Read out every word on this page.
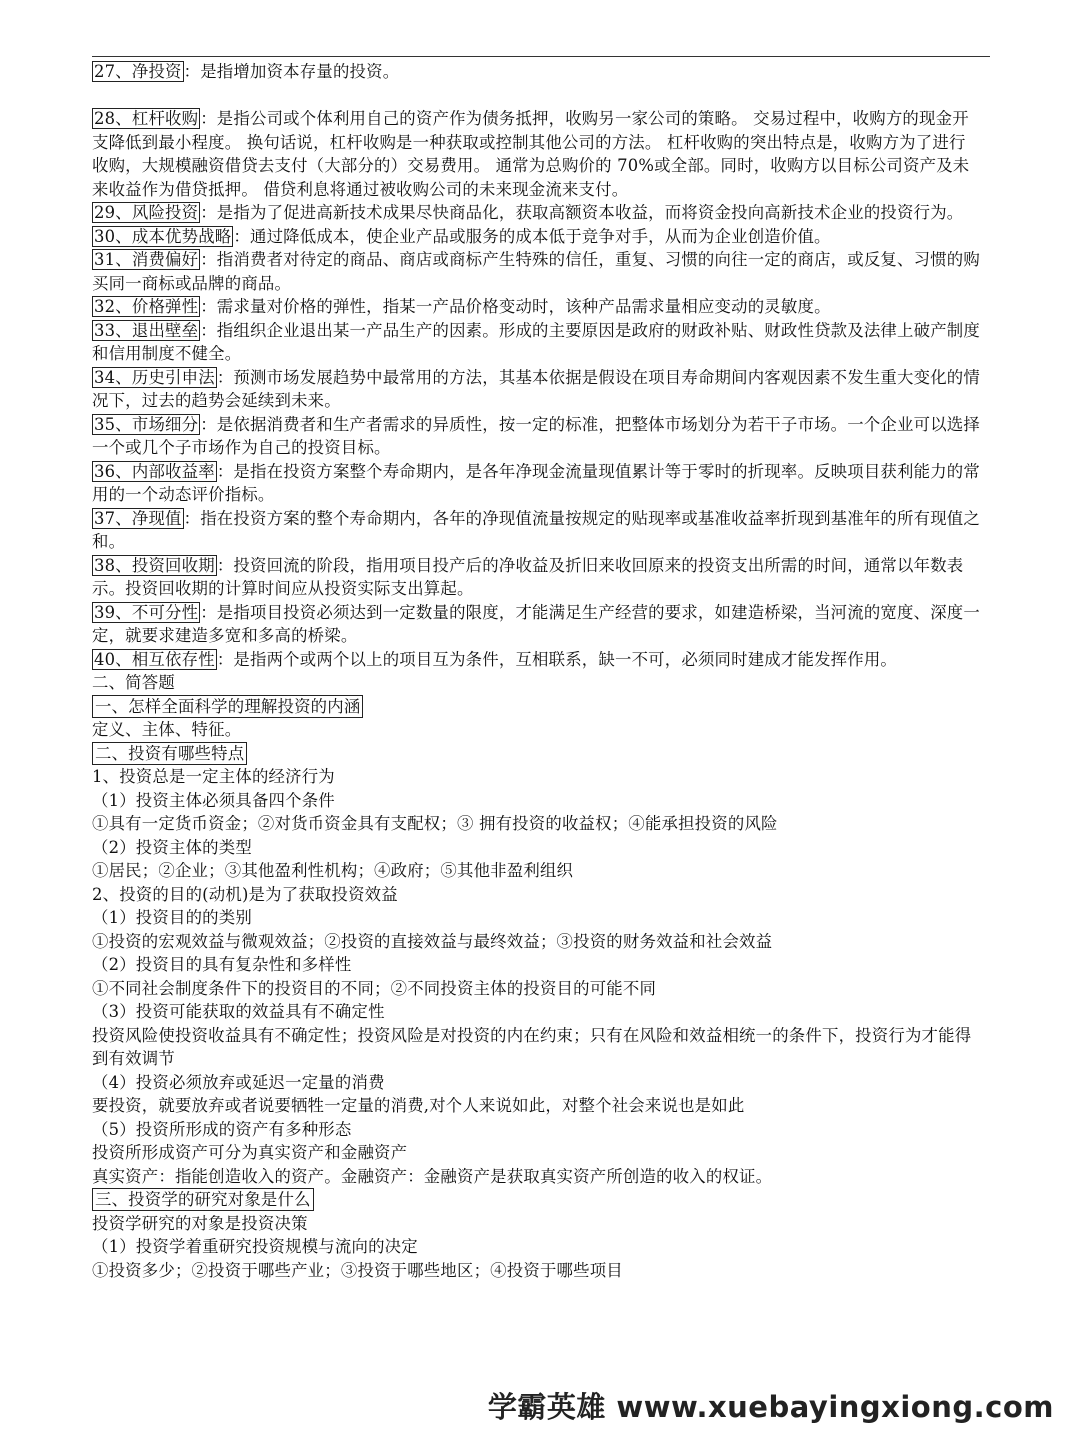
27、净投资 ：是指增加资本存量的投资。

28、杠杆收购 ：是指公司或个体利用自己的资产作为债务抵押，收购另一家公司的策略。 交易过程中，收购方的现金开支降低到最小程度。 换句话说，杠杆收购是一种获取或控制其他公司的方法。 杠杆收购的突出特点是，收购方为了进行收购，大规模融资借贷去支付（大部分的）交易费用。 通常为总购价的 70%或全部。同时，收购方以目标公司资产及未来收益作为借贷抵押。 借贷利息将通过被收购公司的未来现金流来支付。

29、风险投资 ：是指为了促进高新技术成果尽快商品化，获取高额资本收益，而将资金投向高新技术企业的投资行为。

30、成本优势战略 ：通过降低成本，使企业产品或服务的成本低于竞争对手，从而为企业创造价值。

31、消费偏好 ：指消费者对待定的商品、商店或商标产生特殊的信任，重复、习惯的向往一定的商店，或反复、习惯的购买同一商标或品牌的商品。

32、价格弹性 ：需求量对价格的弹性，指某一产品价格变动时，该种产品需求量相应变动的灵敏度。

33、退出壁垒 ：指组织企业退出某一产品生产的因素。形成的主要原因是政府的财政补贴、财政性贷款及法律上破产制度和信用制度不健全。

34、历史引申法 ：预测市场发展趋势中最常用的方法，其基本依据是假设在项目寿命期间内客观因素不发生重大变化的情况下，过去的趋势会延续到未来。

35、市场细分 ：是依据消费者和生产者需求的异质性，按一定的标准，把整体市场划分为若干子市场。一个企业可以选择一个或几个子市场作为自己的投资目标。

36、内部收益率 ：是指在投资方案整个寿命期内，是各年净现金流量现值累计等于零时的折现率。反映项目获利能力的常用的一个动态评价指标。

37、净现值 ：指在投资方案的整个寿命期内，各年的净现值流量按规定的贴现率或基准收益率折现到基准年的所有现值之和。

38、投资回收期 ：投资回流的阶段，指用项目投产后的净收益及折旧来收回原来的投资支出所需的时间，通常以年数表示。投资回收期的计算时间应从投资实际支出算起。

39、不可分性 ：是指项目投资必须达到一定数量的限度，才能满足生产经营的要求，如建造桥梁，当河流的宽度、深度一定，就要求建造多宽和多高的桥梁。

40、相互依存性 ：是指两个或两个以上的项目互为条件，互相联系，缺一不可，必须同时建成才能发挥作用。

二、简答题

一、怎样全面科学的理解投资的内涵

定义、主体、特征。

二、投资有哪些特点

1、投资总是一定主体的经济行为

（1）投资主体必须具备四个条件

①具有一定货币资金；②对货币资金具有支配权；③ 拥有投资的收益权；④能承担投资的风险

（2）投资主体的类型

①居民；②企业；③其他盈利性机构；④政府；⑤其他非盈利组织

2、投资的目的(动机)是为了获取投资效益

（1）投资目的的类别

①投资的宏观效益与微观效益；②投资的直接效益与最终效益；③投资的财务效益和社会效益

（2）投资目的具有复杂性和多样性

①不同社会制度条件下的投资目的不同；②不同投资主体的投资目的可能不同

（3）投资可能获取的效益具有不确定性

投资风险使投资收益具有不确定性；投资风险是对投资的内在约束；只有在风险和效益相统一的条件下，投资行为才能得到有效调节

（4）投资必须放弃或延迟一定量的消费

要投资，就要放弃或者说要牺牲一定量的消费,对个人来说如此，对整个社会来说也是如此

（5）投资所形成的资产有多种形态

投资所形成资产可分为真实资产和金融资产

真实资产：指能创造收入的资产。金融资产：金融资产是获取真实资产所创造的收入的权证。

三、投资学的研究对象是什么

投资学研究的对象是投资决策

（1）投资学着重研究投资规模与流向的决定

①投资多少；②投资于哪些产业；③投资于哪些地区；④投资于哪些项目

学霸英雄 www.xuebayingxiong.com
